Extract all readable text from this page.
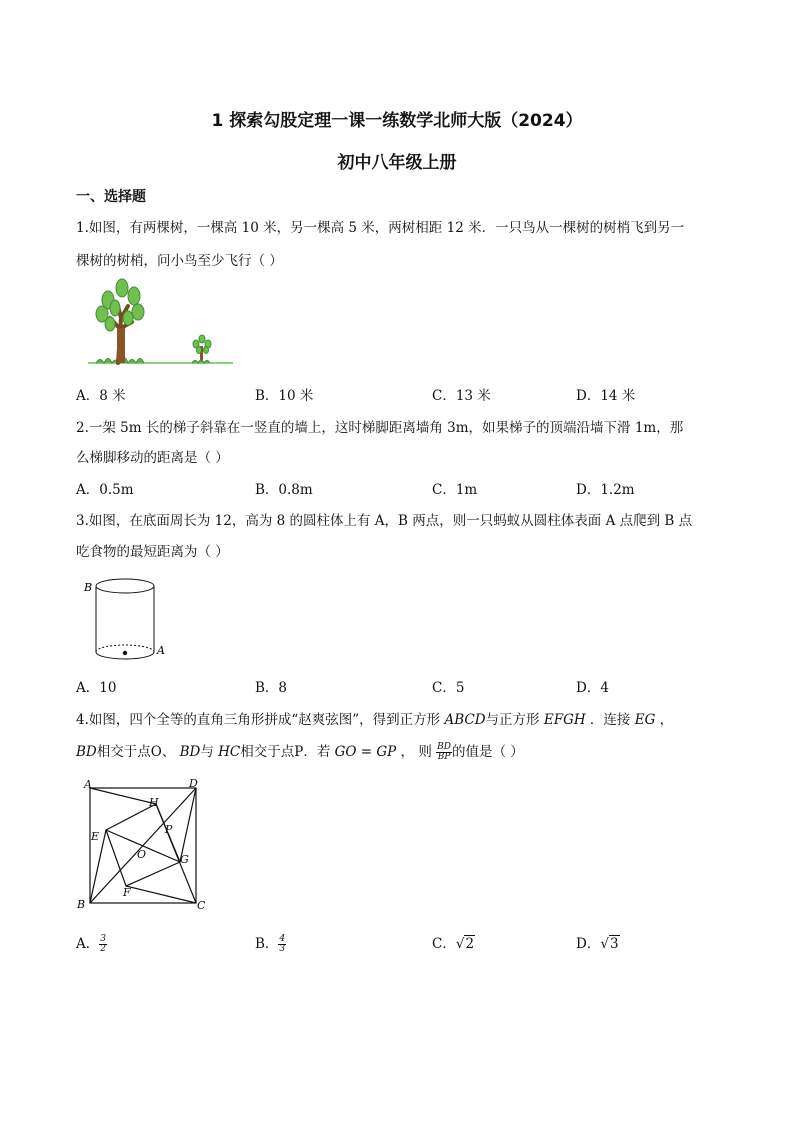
1 探索勾股定理一课一练数学北师大版（2024）
初中八年级上册
一、选择题
1.如图，有两棵树，一棵高 10 米，另一棵高 5 米，两树相距 12 米．一只鸟从一棵树的树梢飞到另一
棵树的树梢，问小鸟至少飞行（ ）
A．8 米	B．10 米	C．13 米	D．14 米
2.一架 5m 长的梯子斜靠在一竖直的墙上，这时梯脚距离墙角 3m，如果梯子的顶端沿墙下滑 1m，那
么梯脚移动的距离是（ ）
A．0.5m	B．0.8m	C．1m	D．1.2m
3.如图，在底面周长为 12，高为 8 的圆柱体上有 A，B 两点，则一只蚂蚁从圆柱体表面 A 点爬到 B 点
吃食物的最短距离为（ ）
B
A
A．10	B．8	C．5	D．4
4.如图，四个全等的直角三角形拼成“赵爽弦图”，得到正方形 ABCD与正方形 EFGH ．连接 EG ，
BD相交于点O、 BD与 HC相交于点P．若 GO = GP ， 则 $\frac{BD}{BP}$ 的值是（ ）
A	D
B	C
E
F
G
H
O
P
A． $\frac{3}{2}$	B． $\frac{4}{3}$	C．√2	D．√3
